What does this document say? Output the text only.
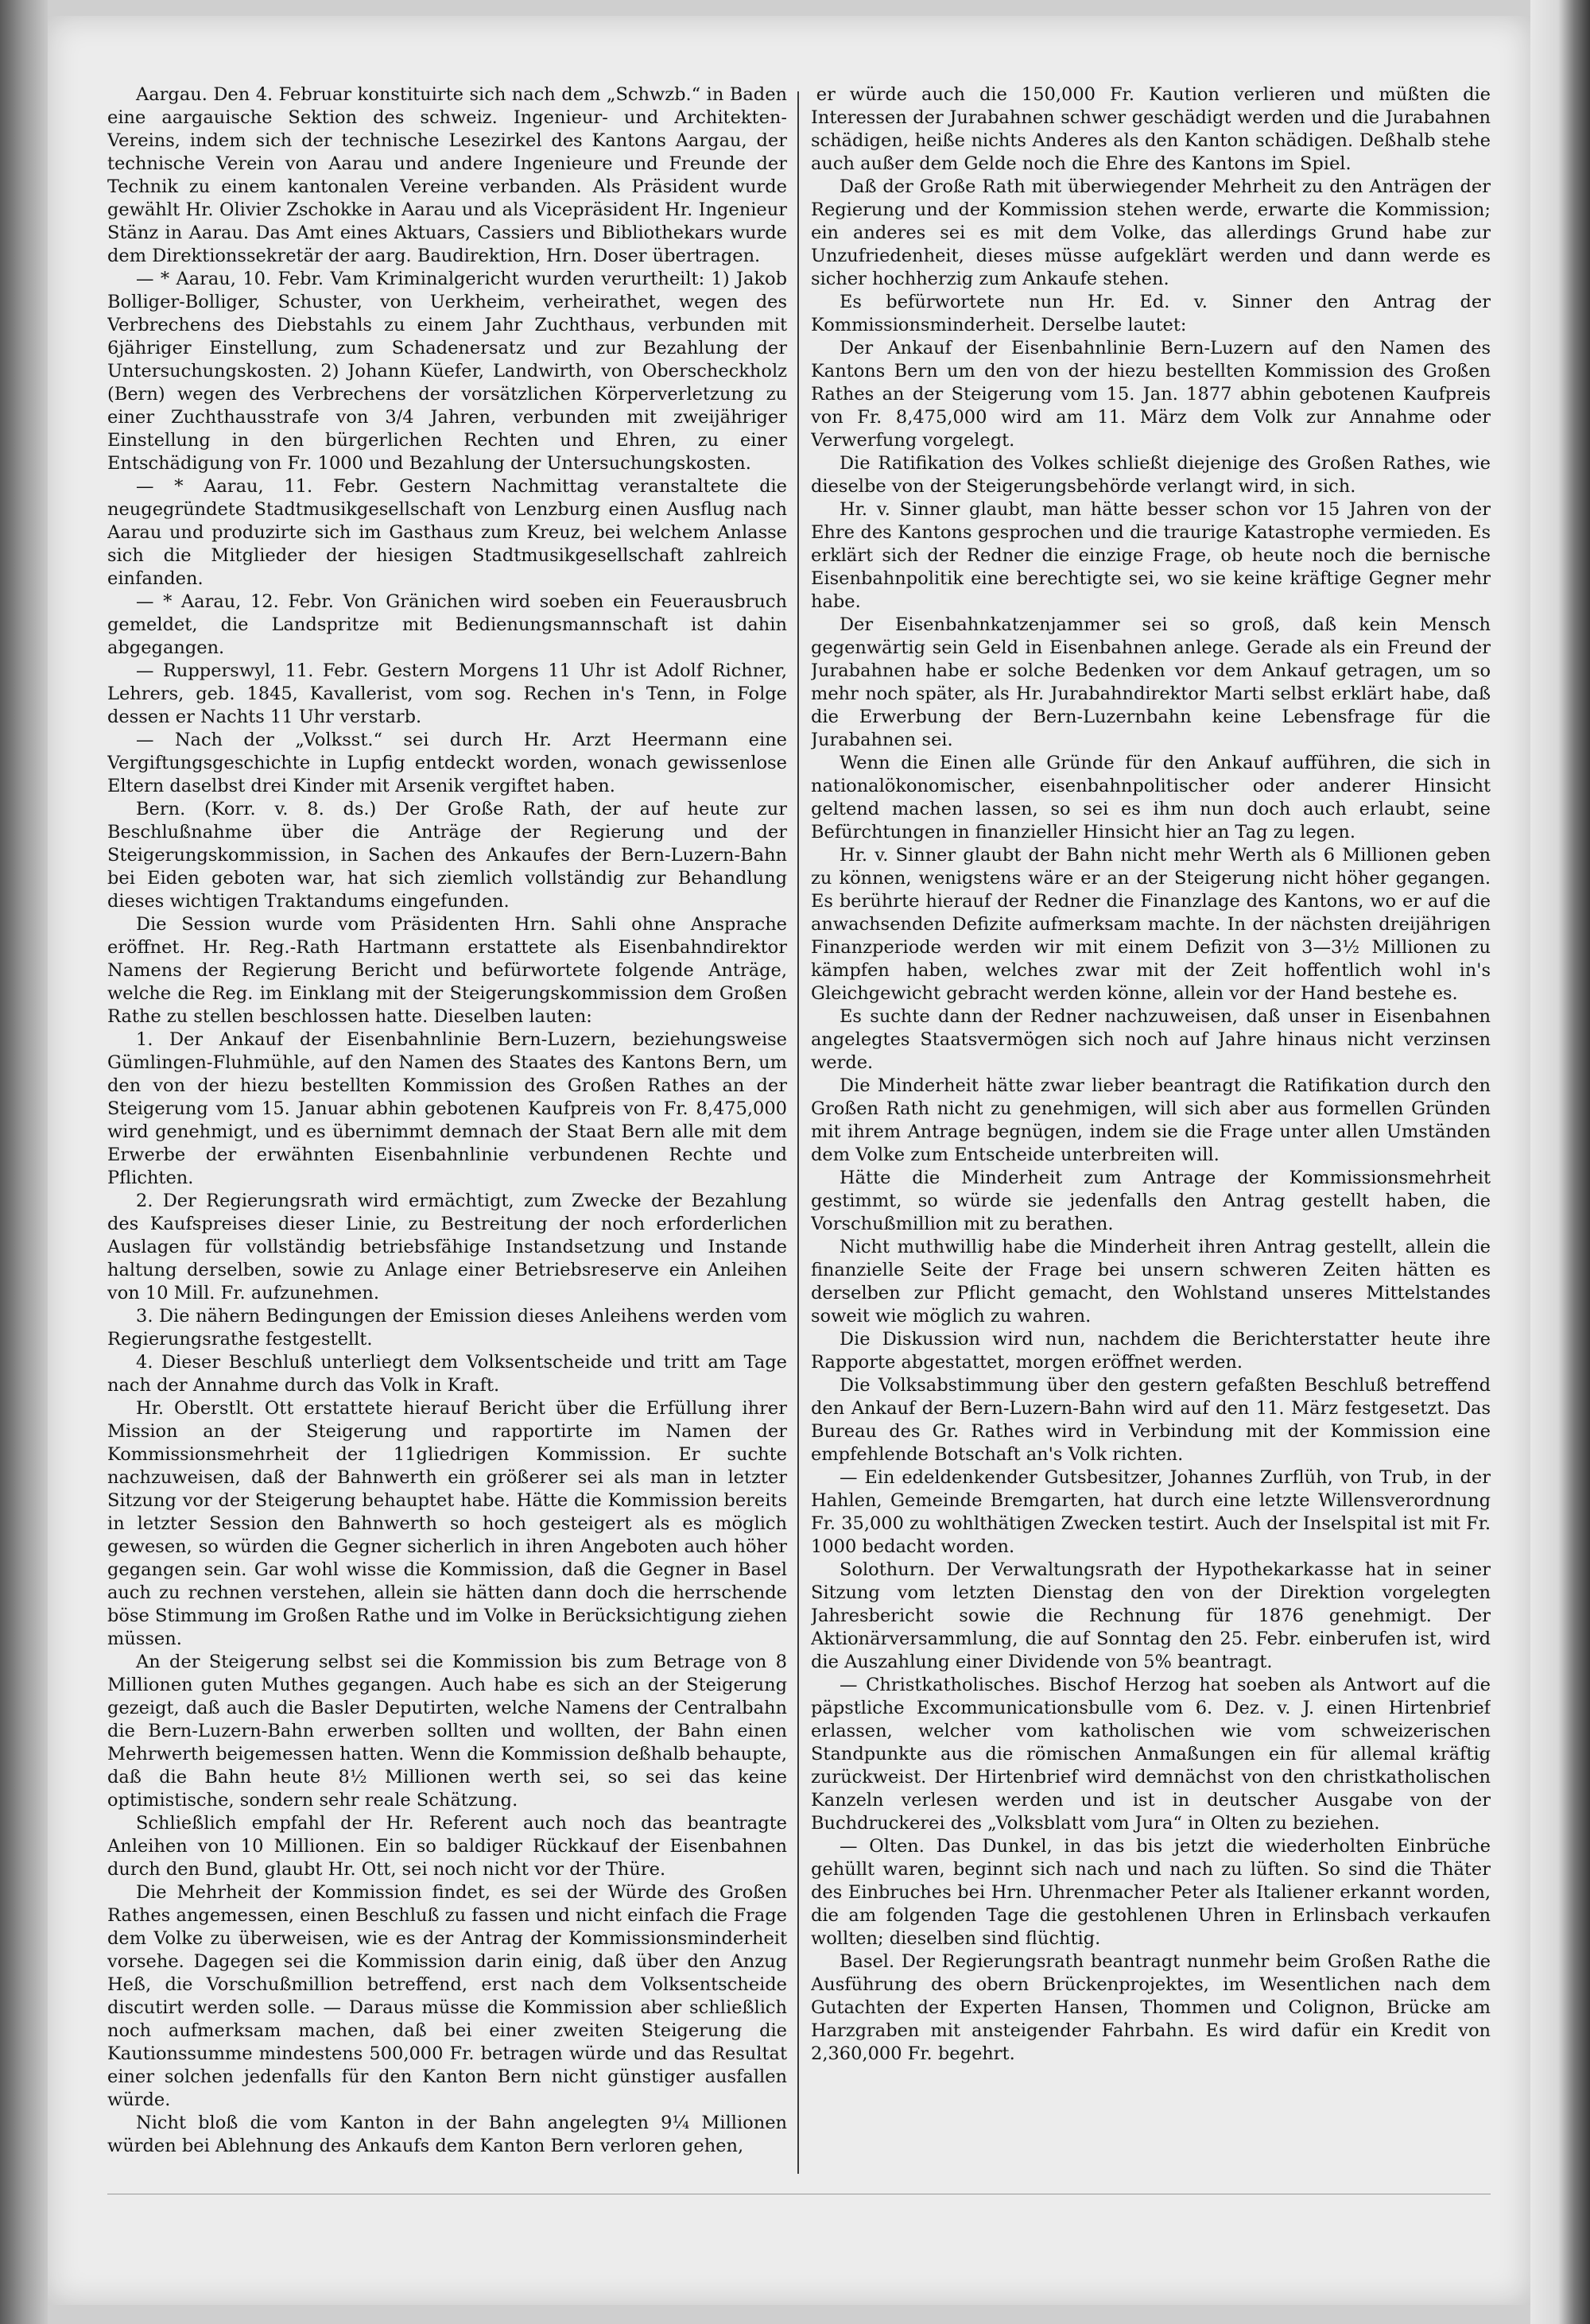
Aargau. Den 4. Februar konstituirte sich nach dem „Schwzb.“ in Baden eine aargauische Sektion des schweiz. Ingenieur- und Architekten-Vereins, indem sich der technische Lesezirkel des Kantons Aargau, der technische Verein von Aarau und andere Ingenieure und Freunde der Technik zu einem kantonalen Vereine verbanden. Als Präsident wurde gewählt Hr. Olivier Zschokke in Aarau und als Vicepräsident Hr. Ingenieur Stänz in Aarau. Das Amt eines Aktuars, Cassiers und Bibliothekars wurde dem Direktionssekretär der aarg. Baudirektion, Hrn. Doser übertragen.

— * Aarau, 10. Febr. Vam Kriminalgericht wurden verurtheilt: 1) Jakob Bolliger-Bolliger, Schuster, von Uerkheim, verheirathet, wegen des Verbrechens des Diebstahls zu einem Jahr Zuchthaus, verbunden mit 6jähriger Einstellung, zum Schadenersatz und zur Bezahlung der Untersuchungskosten. 2) Johann Küefer, Landwirth, von Oberscheckholz (Bern) wegen des Verbrechens der vorsätzlichen Körperverletzung zu einer Zuchthausstrafe von 3/4 Jahren, verbunden mit zweijähriger Einstellung in den bürgerlichen Rechten und Ehren, zu einer Entschädigung von Fr. 1000 und Bezahlung der Untersuchungskosten.

— * Aarau, 11. Febr. Gestern Nachmittag veranstaltete die neugegründete Stadtmusikgesellschaft von Lenzburg einen Ausflug nach Aarau und produzirte sich im Gasthaus zum Kreuz, bei welchem Anlasse sich die Mitglieder der hiesigen Stadtmusikgesellschaft zahlreich einfanden.

— * Aarau, 12. Febr. Von Gränichen wird soeben ein Feuerausbruch gemeldet, die Landspritze mit Bedienungsmannschaft ist dahin abgegangen.

— Rupperswyl, 11. Febr. Gestern Morgens 11 Uhr ist Adolf Richner, Lehrers, geb. 1845, Kavallerist, vom sog. Rechen in's Tenn, in Folge dessen er Nachts 11 Uhr verstarb.

— Nach der „Volksst.“ sei durch Hr. Arzt Heermann eine Vergiftungsgeschichte in Lupfig entdeckt worden, wonach gewissenlose Eltern daselbst drei Kinder mit Arsenik vergiftet haben.

Bern. (Korr. v. 8. ds.) Der Große Rath, der auf heute zur Beschlußnahme über die Anträge der Regierung und der Steigerungskommission, in Sachen des Ankaufes der Bern-Luzern-Bahn bei Eiden geboten war, hat sich ziemlich vollständig zur Behandlung dieses wichtigen Traktandums eingefunden.

Die Session wurde vom Präsidenten Hrn. Sahli ohne Ansprache eröffnet. Hr. Reg.-Rath Hartmann erstattete als Eisenbahndirektor Namens der Regierung Bericht und befürwortete folgende Anträge, welche die Reg. im Einklang mit der Steigerungskommission dem Großen Rathe zu stellen beschlossen hatte. Dieselben lauten:

1. Der Ankauf der Eisenbahnlinie Bern-Luzern, beziehungsweise Gümlingen-Fluhmühle, auf den Namen des Staates des Kantons Bern, um den von der hiezu bestellten Kommission des Großen Rathes an der Steigerung vom 15. Januar abhin gebotenen Kaufpreis von Fr. 8,475,000 wird genehmigt, und es übernimmt demnach der Staat Bern alle mit dem Erwerbe der erwähnten Eisenbahnlinie verbundenen Rechte und Pflichten.

2. Der Regierungsrath wird ermächtigt, zum Zwecke der Bezahlung des Kaufspreises dieser Linie, zu Bestreitung der noch erforderlichen Auslagen für vollständig betriebsfähige Instandsetzung und Instande haltung derselben, sowie zu Anlage einer Betriebsreserve ein Anleihen von 10 Mill. Fr. aufzunehmen.

3. Die nähern Bedingungen der Emission dieses Anleihens werden vom Regierungsrathe festgestellt.

4. Dieser Beschluß unterliegt dem Volksentscheide und tritt am Tage nach der Annahme durch das Volk in Kraft.

Hr. Oberstlt. Ott erstattete hierauf Bericht über die Erfüllung ihrer Mission an der Steigerung und rapportirte im Namen der Kommissionsmehrheit der 11gliedrigen Kommission. Er suchte nachzuweisen, daß der Bahnwerth ein größerer sei als man in letzter Sitzung vor der Steigerung behauptet habe. Hätte die Kommission bereits in letzter Session den Bahnwerth so hoch gesteigert als es möglich gewesen, so würden die Gegner sicherlich in ihren Angeboten auch höher gegangen sein. Gar wohl wisse die Kommission, daß die Gegner in Basel auch zu rechnen verstehen, allein sie hätten dann doch die herrschende böse Stimmung im Großen Rathe und im Volke in Berücksichtigung ziehen müssen.

An der Steigerung selbst sei die Kommission bis zum Betrage von 8 Millionen guten Muthes gegangen. Auch habe es sich an der Steigerung gezeigt, daß auch die Basler Deputirten, welche Namens der Centralbahn die Bern-Luzern-Bahn erwerben sollten und wollten, der Bahn einen Mehrwerth beigemessen hatten. Wenn die Kommission deßhalb behaupte, daß die Bahn heute 8½ Millionen werth sei, so sei das keine optimistische, sondern sehr reale Schätzung.

Schließlich empfahl der Hr. Referent auch noch das beantragte Anleihen von 10 Millionen. Ein so baldiger Rückkauf der Eisenbahnen durch den Bund, glaubt Hr. Ott, sei noch nicht vor der Thüre.

Die Mehrheit der Kommission findet, es sei der Würde des Großen Rathes angemessen, einen Beschluß zu fassen und nicht einfach die Frage dem Volke zu überweisen, wie es der Antrag der Kommissionsminderheit vorsehe. Dagegen sei die Kommission darin einig, daß über den Anzug Heß, die Vorschußmillion betreffend, erst nach dem Volksentscheide discutirt werden solle. — Daraus müsse die Kommission aber schließlich noch aufmerksam machen, daß bei einer zweiten Steigerung die Kautionssumme mindestens 500,000 Fr. betragen würde und das Resultat einer solchen jedenfalls für den Kanton Bern nicht günstiger ausfallen würde.

Nicht bloß die vom Kanton in der Bahn angelegten 9¼ Millionen würden bei Ablehnung des Ankaufs dem Kanton Bern verloren gehen,

er würde auch die 150,000 Fr. Kaution verlieren und müßten die Interessen der Jurabahnen schwer geschädigt werden und die Jurabahnen schädigen, heiße nichts Anderes als den Kanton schädigen. Deßhalb stehe auch außer dem Gelde noch die Ehre des Kantons im Spiel.

Daß der Große Rath mit überwiegender Mehrheit zu den Anträgen der Regierung und der Kommission stehen werde, erwarte die Kommission; ein anderes sei es mit dem Volke, das allerdings Grund habe zur Unzufriedenheit, dieses müsse aufgeklärt werden und dann werde es sicher hochherzig zum Ankaufe stehen.

Es befürwortete nun Hr. Ed. v. Sinner den Antrag der Kommissionsminderheit. Derselbe lautet:

Der Ankauf der Eisenbahnlinie Bern-Luzern auf den Namen des Kantons Bern um den von der hiezu bestellten Kommission des Großen Rathes an der Steigerung vom 15. Jan. 1877 abhin gebotenen Kaufpreis von Fr. 8,475,000 wird am 11. März dem Volk zur Annahme oder Verwerfung vorgelegt.

Die Ratifikation des Volkes schließt diejenige des Großen Rathes, wie dieselbe von der Steigerungsbehörde verlangt wird, in sich.

Hr. v. Sinner glaubt, man hätte besser schon vor 15 Jahren von der Ehre des Kantons gesprochen und die traurige Katastrophe vermieden. Es erklärt sich der Redner die einzige Frage, ob heute noch die bernische Eisenbahnpolitik eine berechtigte sei, wo sie keine kräftige Gegner mehr habe.

Der Eisenbahnkatzenjammer sei so groß, daß kein Mensch gegenwärtig sein Geld in Eisenbahnen anlege. Gerade als ein Freund der Jurabahnen habe er solche Bedenken vor dem Ankauf getragen, um so mehr noch später, als Hr. Jurabahndirektor Marti selbst erklärt habe, daß die Erwerbung der Bern-Luzernbahn keine Lebensfrage für die Jurabahnen sei.

Wenn die Einen alle Gründe für den Ankauf aufführen, die sich in nationalökonomischer, eisenbahnpolitischer oder anderer Hinsicht geltend machen lassen, so sei es ihm nun doch auch erlaubt, seine Befürchtungen in finanzieller Hinsicht hier an Tag zu legen.

Hr. v. Sinner glaubt der Bahn nicht mehr Werth als 6 Millionen geben zu können, wenigstens wäre er an der Steigerung nicht höher gegangen. Es berührte hierauf der Redner die Finanzlage des Kantons, wo er auf die anwachsenden Defizite aufmerksam machte. In der nächsten dreijährigen Finanzperiode werden wir mit einem Defizit von 3—3½ Millionen zu kämpfen haben, welches zwar mit der Zeit hoffentlich wohl in's Gleichgewicht gebracht werden könne, allein vor der Hand bestehe es.

Es suchte dann der Redner nachzuweisen, daß unser in Eisenbahnen angelegtes Staatsvermögen sich noch auf Jahre hinaus nicht verzinsen werde.

Die Minderheit hätte zwar lieber beantragt die Ratifikation durch den Großen Rath nicht zu genehmigen, will sich aber aus formellen Gründen mit ihrem Antrage begnügen, indem sie die Frage unter allen Umständen dem Volke zum Entscheide unterbreiten will.

Hätte die Minderheit zum Antrage der Kommissionsmehrheit gestimmt, so würde sie jedenfalls den Antrag gestellt haben, die Vorschußmillion mit zu berathen.

Nicht muthwillig habe die Minderheit ihren Antrag gestellt, allein die finanzielle Seite der Frage bei unsern schweren Zeiten hätten es derselben zur Pflicht gemacht, den Wohlstand unseres Mittelstandes soweit wie möglich zu wahren.

Die Diskussion wird nun, nachdem die Berichterstatter heute ihre Rapporte abgestattet, morgen eröffnet werden.

Die Volksabstimmung über den gestern gefaßten Beschluß betreffend den Ankauf der Bern-Luzern-Bahn wird auf den 11. März festgesetzt. Das Bureau des Gr. Rathes wird in Verbindung mit der Kommission eine empfehlende Botschaft an's Volk richten.

— Ein edeldenkender Gutsbesitzer, Johannes Zurflüh, von Trub, in der Hahlen, Gemeinde Bremgarten, hat durch eine letzte Willensverordnung Fr. 35,000 zu wohlthätigen Zwecken testirt. Auch der Inselspital ist mit Fr. 1000 bedacht worden.

Solothurn. Der Verwaltungsrath der Hypothekarkasse hat in seiner Sitzung vom letzten Dienstag den von der Direktion vorgelegten Jahresbericht sowie die Rechnung für 1876 genehmigt. Der Aktionärversammlung, die auf Sonntag den 25. Febr. einberufen ist, wird die Auszahlung einer Dividende von 5% beantragt.

— Christkatholisches. Bischof Herzog hat soeben als Antwort auf die päpstliche Excommunicationsbulle vom 6. Dez. v. J. einen Hirtenbrief erlassen, welcher vom katholischen wie vom schweizerischen Standpunkte aus die römischen Anmaßungen ein für allemal kräftig zurückweist. Der Hirtenbrief wird demnächst von den christkatholischen Kanzeln verlesen werden und ist in deutscher Ausgabe von der Buchdruckerei des „Volksblatt vom Jura“ in Olten zu beziehen.

— Olten. Das Dunkel, in das bis jetzt die wiederholten Einbrüche gehüllt waren, beginnt sich nach und nach zu lüften. So sind die Thäter des Einbruches bei Hrn. Uhrenmacher Peter als Italiener erkannt worden, die am folgenden Tage die gestohlenen Uhren in Erlinsbach verkaufen wollten; dieselben sind flüchtig.

Basel. Der Regierungsrath beantragt nunmehr beim Großen Rathe die Ausführung des obern Brückenprojektes, im Wesentlichen nach dem Gutachten der Experten Hansen, Thommen und Colignon, Brücke am Harzgraben mit ansteigender Fahrbahn. Es wird dafür ein Kredit von 2,360,000 Fr. begehrt.
